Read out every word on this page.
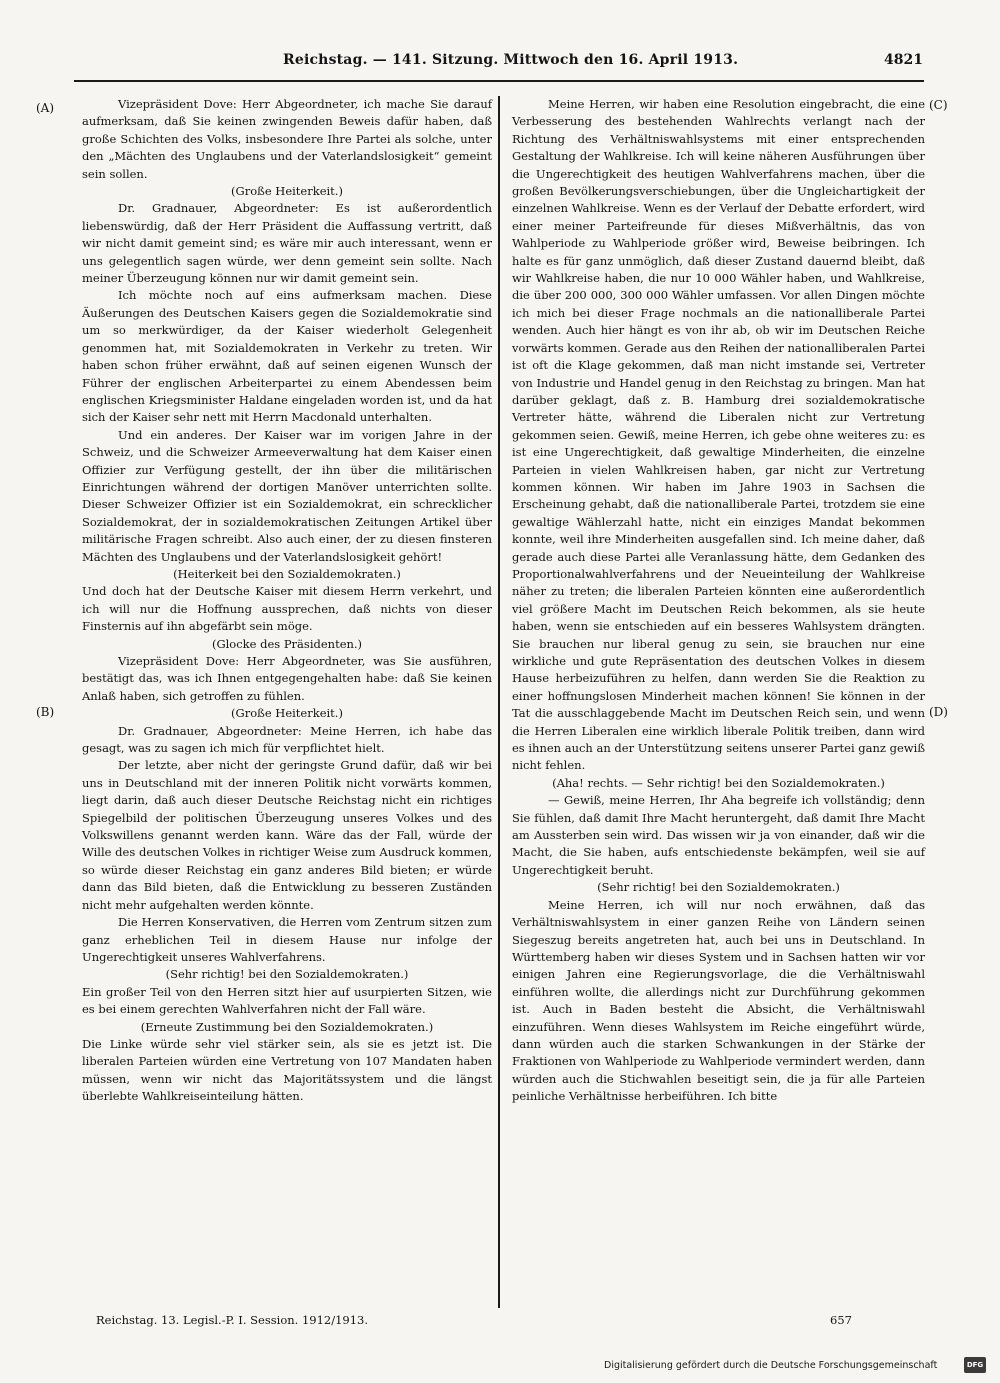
Reichstag. — 141. Sitzung. Mittwoch den 16. April 1913.	4821
(A)
(B)
(C)
(D)

Vizepräsident Dove: Herr Abgeordneter, ich mache Sie darauf aufmerksam, daß Sie keinen zwingenden Beweis dafür haben, daß große Schichten des Volks, insbesondere Ihre Partei als solche, unter den „Mächten des Unglaubens und der Vaterlandslosigkeit“ gemeint sein sollen.

(Große Heiterkeit.)

Dr. Gradnauer, Abgeordneter: Es ist außerordentlich liebenswürdig, daß der Herr Präsident die Auffassung vertritt, daß wir nicht damit gemeint sind; es wäre mir auch interessant, wenn er uns gelegentlich sagen würde, wer denn gemeint sein sollte. Nach meiner Überzeugung können nur wir damit gemeint sein.

Ich möchte noch auf eins aufmerksam machen. Diese Äußerungen des Deutschen Kaisers gegen die Sozialdemokratie sind um so merkwürdiger, da der Kaiser wiederholt Gelegenheit genommen hat, mit Sozialdemokraten in Verkehr zu treten. Wir haben schon früher erwähnt, daß auf seinen eigenen Wunsch der Führer der englischen Arbeiterpartei zu einem Abendessen beim englischen Kriegsminister Haldane eingeladen worden ist, und da hat sich der Kaiser sehr nett mit Herrn Macdonald unterhalten.

Und ein anderes. Der Kaiser war im vorigen Jahre in der Schweiz, und die Schweizer Armeeverwaltung hat dem Kaiser einen Offizier zur Verfügung gestellt, der ihn über die militärischen Einrichtungen während der dortigen Manöver unterrichten sollte. Dieser Schweizer Offizier ist ein Sozialdemokrat, ein schrecklicher Sozialdemokrat, der in sozialdemokratischen Zeitungen Artikel über militärische Fragen schreibt. Also auch einer, der zu diesen finsteren Mächten des Unglaubens und der Vaterlandslosigkeit gehört!

(Heiterkeit bei den Sozialdemokraten.)

Und doch hat der Deutsche Kaiser mit diesem Herrn verkehrt, und ich will nur die Hoffnung aussprechen, daß nichts von dieser Finsternis auf ihn abgefärbt sein möge.

(Glocke des Präsidenten.)

Vizepräsident Dove: Herr Abgeordneter, was Sie ausführen, bestätigt das, was ich Ihnen entgegengehalten habe: daß Sie keinen Anlaß haben, sich getroffen zu fühlen.

(Große Heiterkeit.)

Dr. Gradnauer, Abgeordneter: Meine Herren, ich habe das gesagt, was zu sagen ich mich für verpflichtet hielt.

Der letzte, aber nicht der geringste Grund dafür, daß wir bei uns in Deutschland mit der inneren Politik nicht vorwärts kommen, liegt darin, daß auch dieser Deutsche Reichstag nicht ein richtiges Spiegelbild der politischen Überzeugung unseres Volkes und des Volkswillens genannt werden kann. Wäre das der Fall, würde der Wille des deutschen Volkes in richtiger Weise zum Ausdruck kommen, so würde dieser Reichstag ein ganz anderes Bild bieten; er würde dann das Bild bieten, daß die Entwicklung zu besseren Zuständen nicht mehr aufgehalten werden könnte.

Die Herren Konservativen, die Herren vom Zentrum sitzen zum ganz erheblichen Teil in diesem Hause nur infolge der Ungerechtigkeit unseres Wahlverfahrens.

(Sehr richtig! bei den Sozialdemokraten.)

Ein großer Teil von den Herren sitzt hier auf usurpierten Sitzen, wie es bei einem gerechten Wahlverfahren nicht der Fall wäre.

(Erneute Zustimmung bei den Sozialdemokraten.)

Die Linke würde sehr viel stärker sein, als sie es jetzt ist. Die liberalen Parteien würden eine Vertretung von 107 Mandaten haben müssen, wenn wir nicht das Majoritätssystem und die längst überlebte Wahlkreiseinteilung hätten.

Meine Herren, wir haben eine Resolution eingebracht, die eine Verbesserung des bestehenden Wahlrechts verlangt nach der Richtung des Verhältniswahlsystems mit einer entsprechenden Gestaltung der Wahlkreise. Ich will keine näheren Ausführungen über die Ungerechtigkeit des heutigen Wahlverfahrens machen, über die großen Bevölkerungsverschiebungen, über die Ungleichartigkeit der einzelnen Wahlkreise. Wenn es der Verlauf der Debatte erfordert, wird einer meiner Parteifreunde für dieses Mißverhältnis, das von Wahlperiode zu Wahlperiode größer wird, Beweise beibringen. Ich halte es für ganz unmöglich, daß dieser Zustand dauernd bleibt, daß wir Wahlkreise haben, die nur 10 000 Wähler haben, und Wahlkreise, die über 200 000, 300 000 Wähler umfassen. Vor allen Dingen möchte ich mich bei dieser Frage nochmals an die nationalliberale Partei wenden. Auch hier hängt es von ihr ab, ob wir im Deutschen Reiche vorwärts kommen. Gerade aus den Reihen der nationalliberalen Partei ist oft die Klage gekommen, daß man nicht imstande sei, Vertreter von Industrie und Handel genug in den Reichstag zu bringen. Man hat darüber geklagt, daß z. B. Hamburg drei sozialdemokratische Vertreter hätte, während die Liberalen nicht zur Vertretung gekommen seien. Gewiß, meine Herren, ich gebe ohne weiteres zu: es ist eine Ungerechtigkeit, daß gewaltige Minderheiten, die einzelne Parteien in vielen Wahlkreisen haben, gar nicht zur Vertretung kommen können. Wir haben im Jahre 1903 in Sachsen die Erscheinung gehabt, daß die nationalliberale Partei, trotzdem sie eine gewaltige Wählerzahl hatte, nicht ein einziges Mandat bekommen konnte, weil ihre Minderheiten ausgefallen sind. Ich meine daher, daß gerade auch diese Partei alle Veranlassung hätte, dem Gedanken des Proportionalwahlverfahrens und der Neueinteilung der Wahlkreise näher zu treten; die liberalen Parteien könnten eine außerordentlich viel größere Macht im Deutschen Reich bekommen, als sie heute haben, wenn sie entschieden auf ein besseres Wahlsystem drängten. Sie brauchen nur liberal genug zu sein, sie brauchen nur eine wirkliche und gute Repräsentation des deutschen Volkes in diesem Hause herbeizuführen zu helfen, dann werden Sie die Reaktion zu einer hoffnungslosen Minderheit machen können! Sie können in der Tat die ausschlaggebende Macht im Deutschen Reich sein, und wenn die Herren Liberalen eine wirklich liberale Politik treiben, dann wird es ihnen auch an der Unterstützung seitens unserer Partei ganz gewiß nicht fehlen.

(Aha! rechts. — Sehr richtig! bei den Sozialdemokraten.)

— Gewiß, meine Herren, Ihr Aha begreife ich vollständig; denn Sie fühlen, daß damit Ihre Macht heruntergeht, daß damit Ihre Macht am Aussterben sein wird. Das wissen wir ja von einander, daß wir die Macht, die Sie haben, aufs entschiedenste bekämpfen, weil sie auf Ungerechtigkeit beruht.

(Sehr richtig! bei den Sozialdemokraten.)

Meine Herren, ich will nur noch erwähnen, daß das Verhältniswahlsystem in einer ganzen Reihe von Ländern seinen Siegeszug bereits angetreten hat, auch bei uns in Deutschland. In Württemberg haben wir dieses System und in Sachsen hatten wir vor einigen Jahren eine Regierungsvorlage, die die Verhältniswahl einführen wollte, die allerdings nicht zur Durchführung gekommen ist. Auch in Baden besteht die Absicht, die Verhältniswahl einzuführen. Wenn dieses Wahlsystem im Reiche eingeführt würde, dann würden auch die starken Schwankungen in der Stärke der Fraktionen von Wahlperiode zu Wahlperiode vermindert werden, dann würden auch die Stichwahlen beseitigt sein, die ja für alle Parteien peinliche Verhältnisse herbeiführen. Ich bitte

Reichstag. 13. Legisl.-P. I. Session. 1912/1913.	657
Digitalisierung gefördert durch die Deutsche Forschungsgemeinschaft	DFG
